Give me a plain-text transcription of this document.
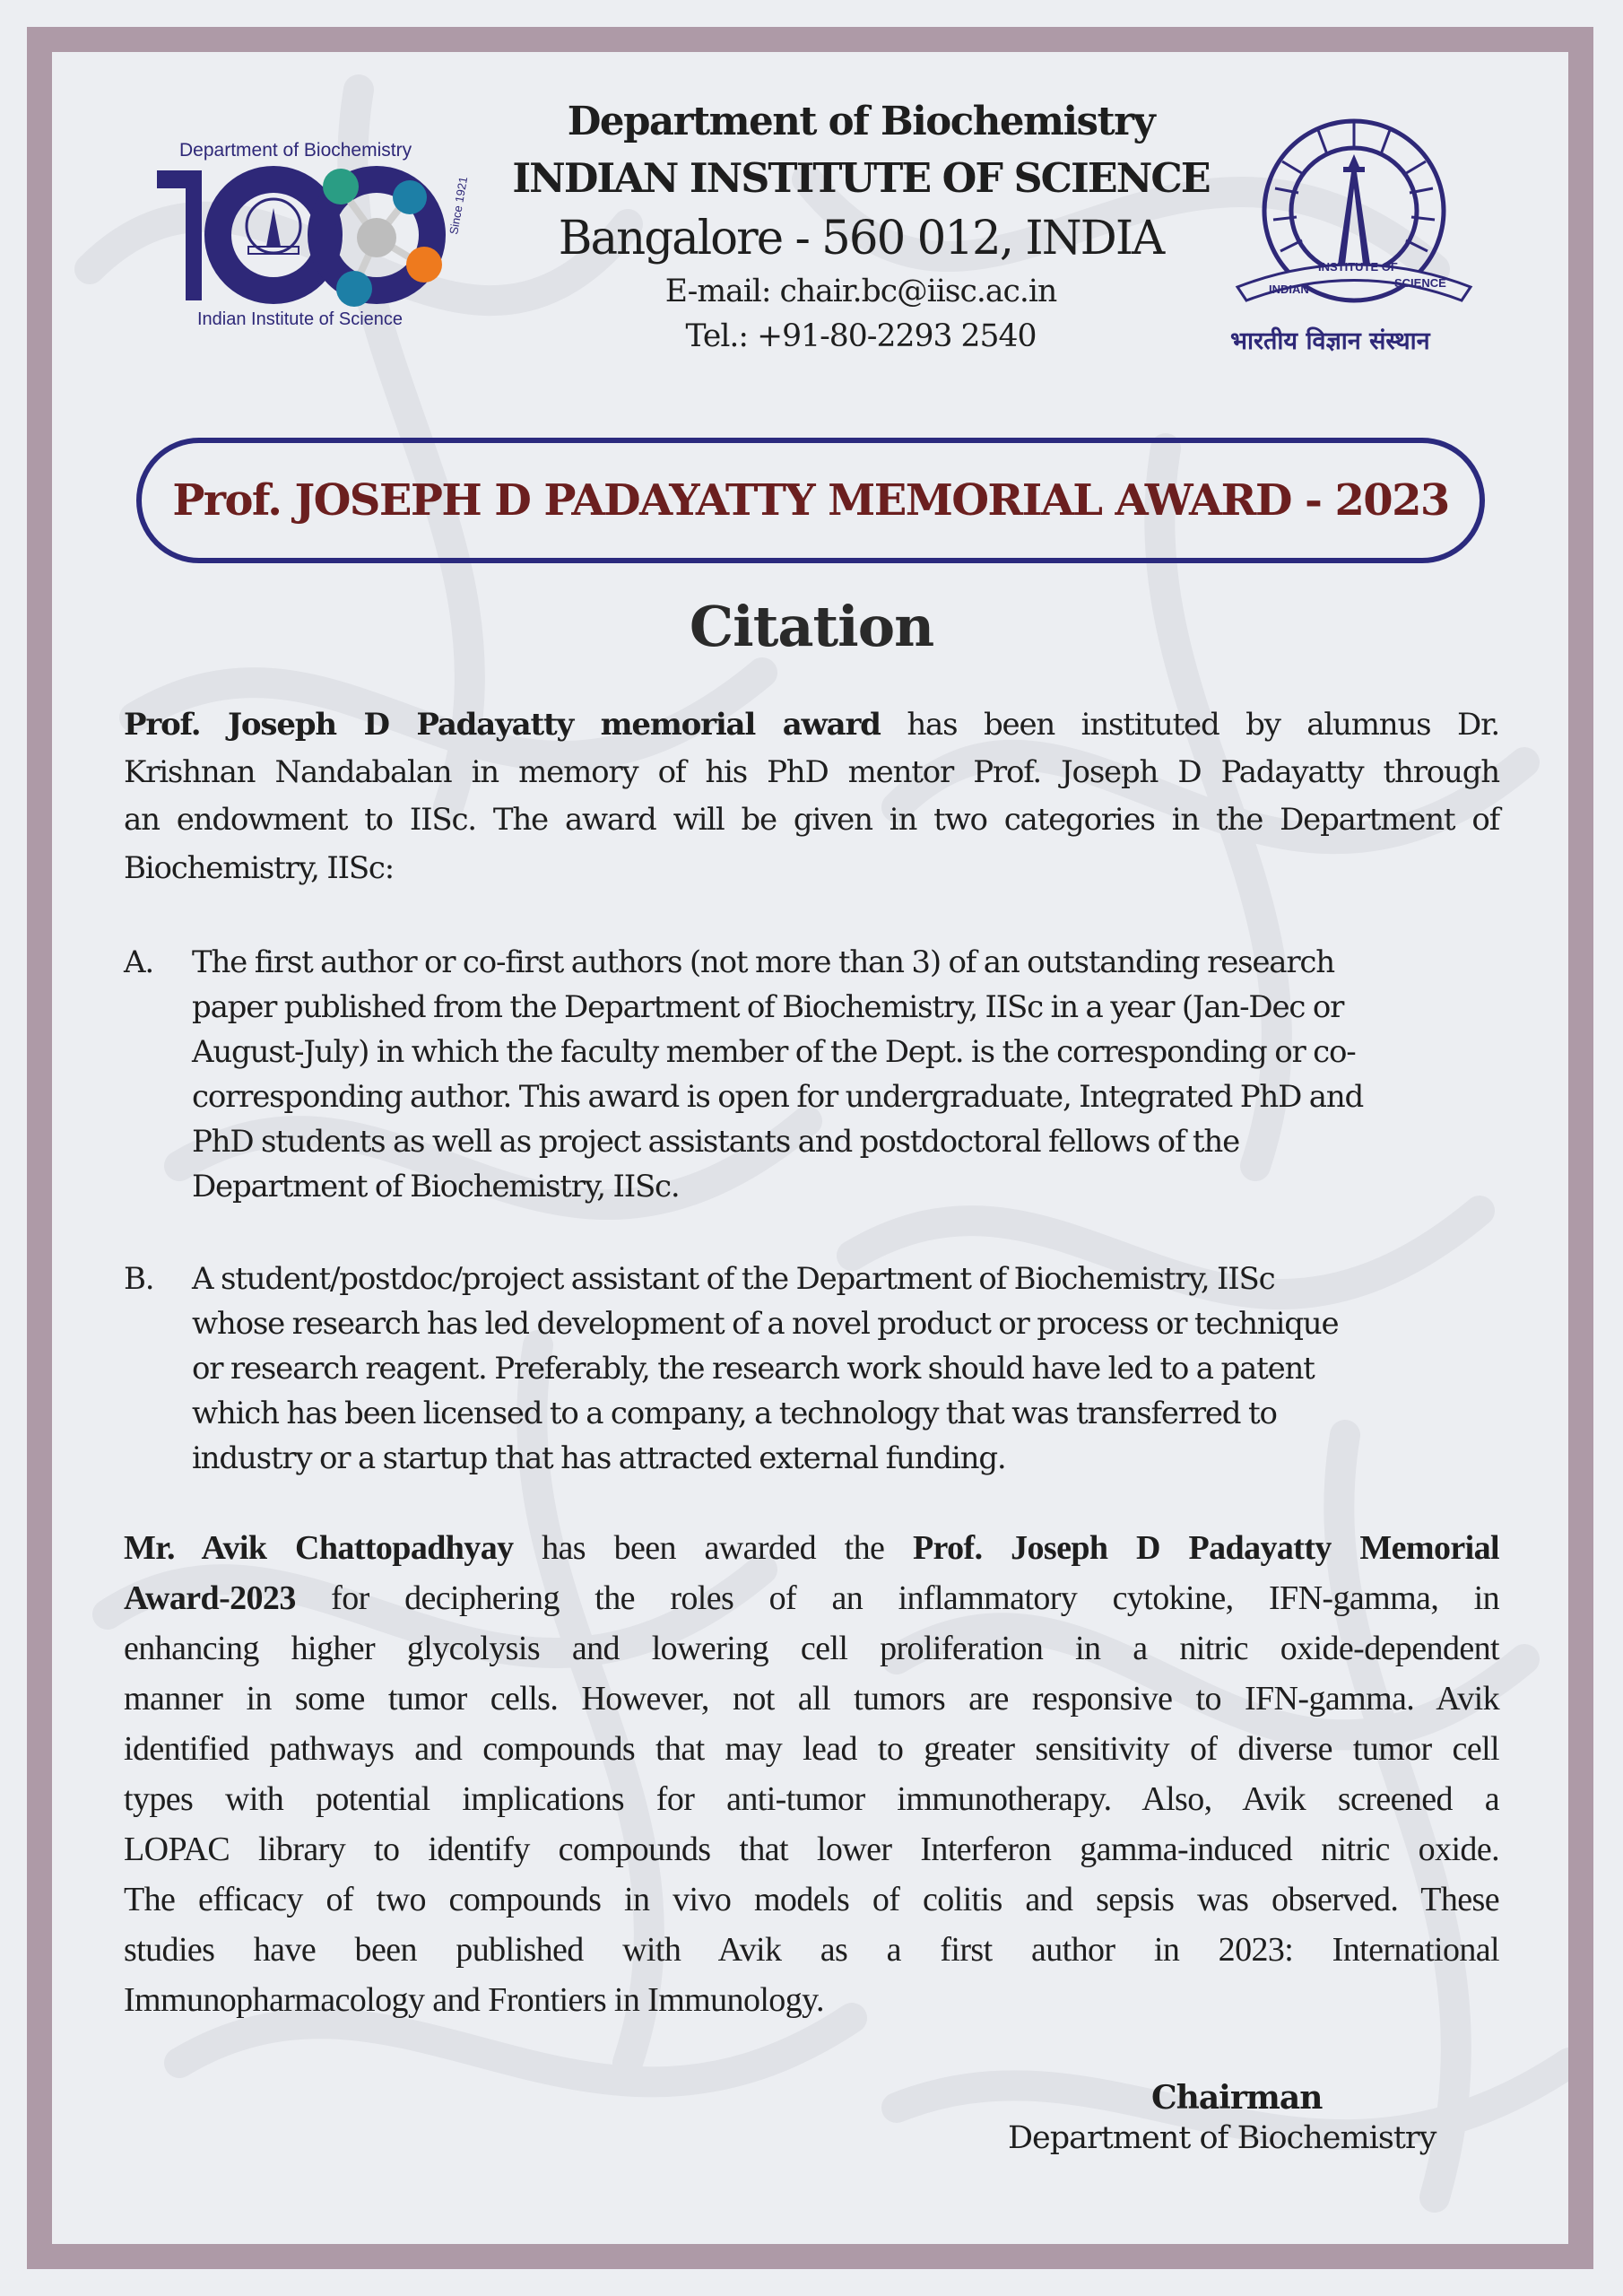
Department of Biochemistry
Since 1921
Indian Institute of Science
INDIAN
INSTITUTE OF
SCIENCE
भारतीय विज्ञान संस्थान
Department of Biochemistry
INDIAN INSTITUTE OF SCIENCE
Bangalore - 560 012, INDIA
E-mail: chair.bc@iisc.ac.in
Tel.: +91-80-2293 2540
Prof. JOSEPH D PADAYATTY MEMORIAL AWARD - 2023
Citation
Prof. Joseph D Padayatty memorial award has been instituted by alumnus Dr.
Krishnan Nandabalan in memory of his PhD mentor Prof. Joseph D Padayatty through
an endowment to IISc. The award will be given in two categories in the Department of
Biochemistry, IISc:
A. The first author or co-first authors (not more than 3) of an outstanding research
paper published from the Department of Biochemistry, IISc in a year (Jan-Dec or
August-July) in which the faculty member of the Dept. is the corresponding or co-
corresponding author. This award is open for undergraduate, Integrated PhD and
PhD students as well as project assistants and postdoctoral fellows of the
Department of Biochemistry, IISc.
B. A student/postdoc/project assistant of the Department of Biochemistry, IISc
whose research has led development of a novel product or process or technique
or research reagent. Preferably, the research work should have led to a patent
which has been licensed to a company, a technology that was transferred to
industry or a startup that has attracted external funding.
Mr. Avik Chattopadhyay has been awarded the Prof. Joseph D Padayatty Memorial
Award-2023 for deciphering the roles of an inflammatory cytokine, IFN-gamma, in
enhancing higher glycolysis and lowering cell proliferation in a nitric oxide-dependent
manner in some tumor cells. However, not all tumors are responsive to IFN-gamma. Avik
identified pathways and compounds that may lead to greater sensitivity of diverse tumor cell
types with potential implications for anti-tumor immunotherapy. Also, Avik screened a
LOPAC library to identify compounds that lower Interferon gamma-induced nitric oxide.
The efficacy of two compounds in vivo models of colitis and sepsis was observed. These
studies have been published with Avik as a first author in 2023: International
Immunopharmacology and Frontiers in Immunology.
Chairman
Department of Biochemistry
